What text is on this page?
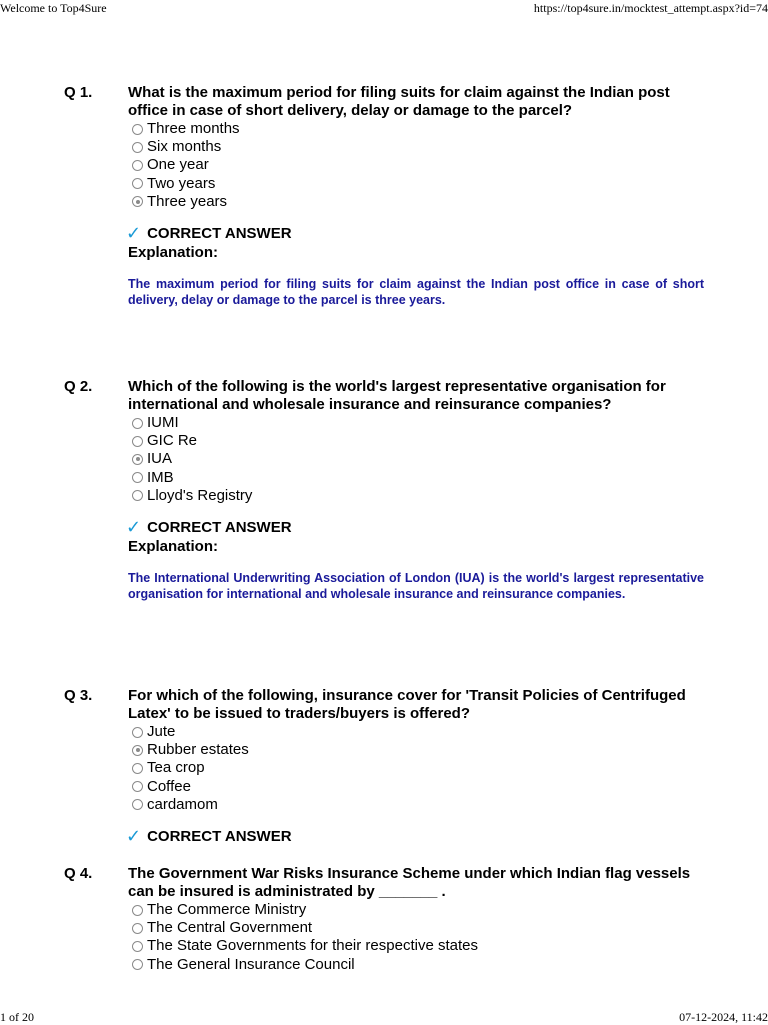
Welcome to Top4Sure	https://top4sure.in/mocktest_attempt.aspx?id=74
Q 1. What is the maximum period for filing suits for claim against the Indian post office in case of short delivery, delay or damage to the parcel?
Three months
Six months
One year
Two years
Three years
✓ CORRECT ANSWER
Explanation:
The maximum period for filing suits for claim against the Indian post office in case of short delivery, delay or damage to the parcel is three years.
Q 2. Which of the following is the world's largest representative organisation for international and wholesale insurance and reinsurance companies?
IUMI
GIC Re
IUA
IMB
Lloyd's Registry
✓ CORRECT ANSWER
Explanation:
The International Underwriting Association of London (IUA) is the world's largest representative organisation for international and wholesale insurance and reinsurance companies.
Q 3. For which of the following, insurance cover for 'Transit Policies of Centrifuged Latex' to be issued to traders/buyers is offered?
Jute
Rubber estates
Tea crop
Coffee
cardamom
✓ CORRECT ANSWER
Q 4. The Government War Risks Insurance Scheme under which Indian flag vessels can be insured is administrated by _______ .
The Commerce Ministry
The Central Government
The State Governments for their respective states
The General Insurance Council
1 of 20	07-12-2024, 11:42
